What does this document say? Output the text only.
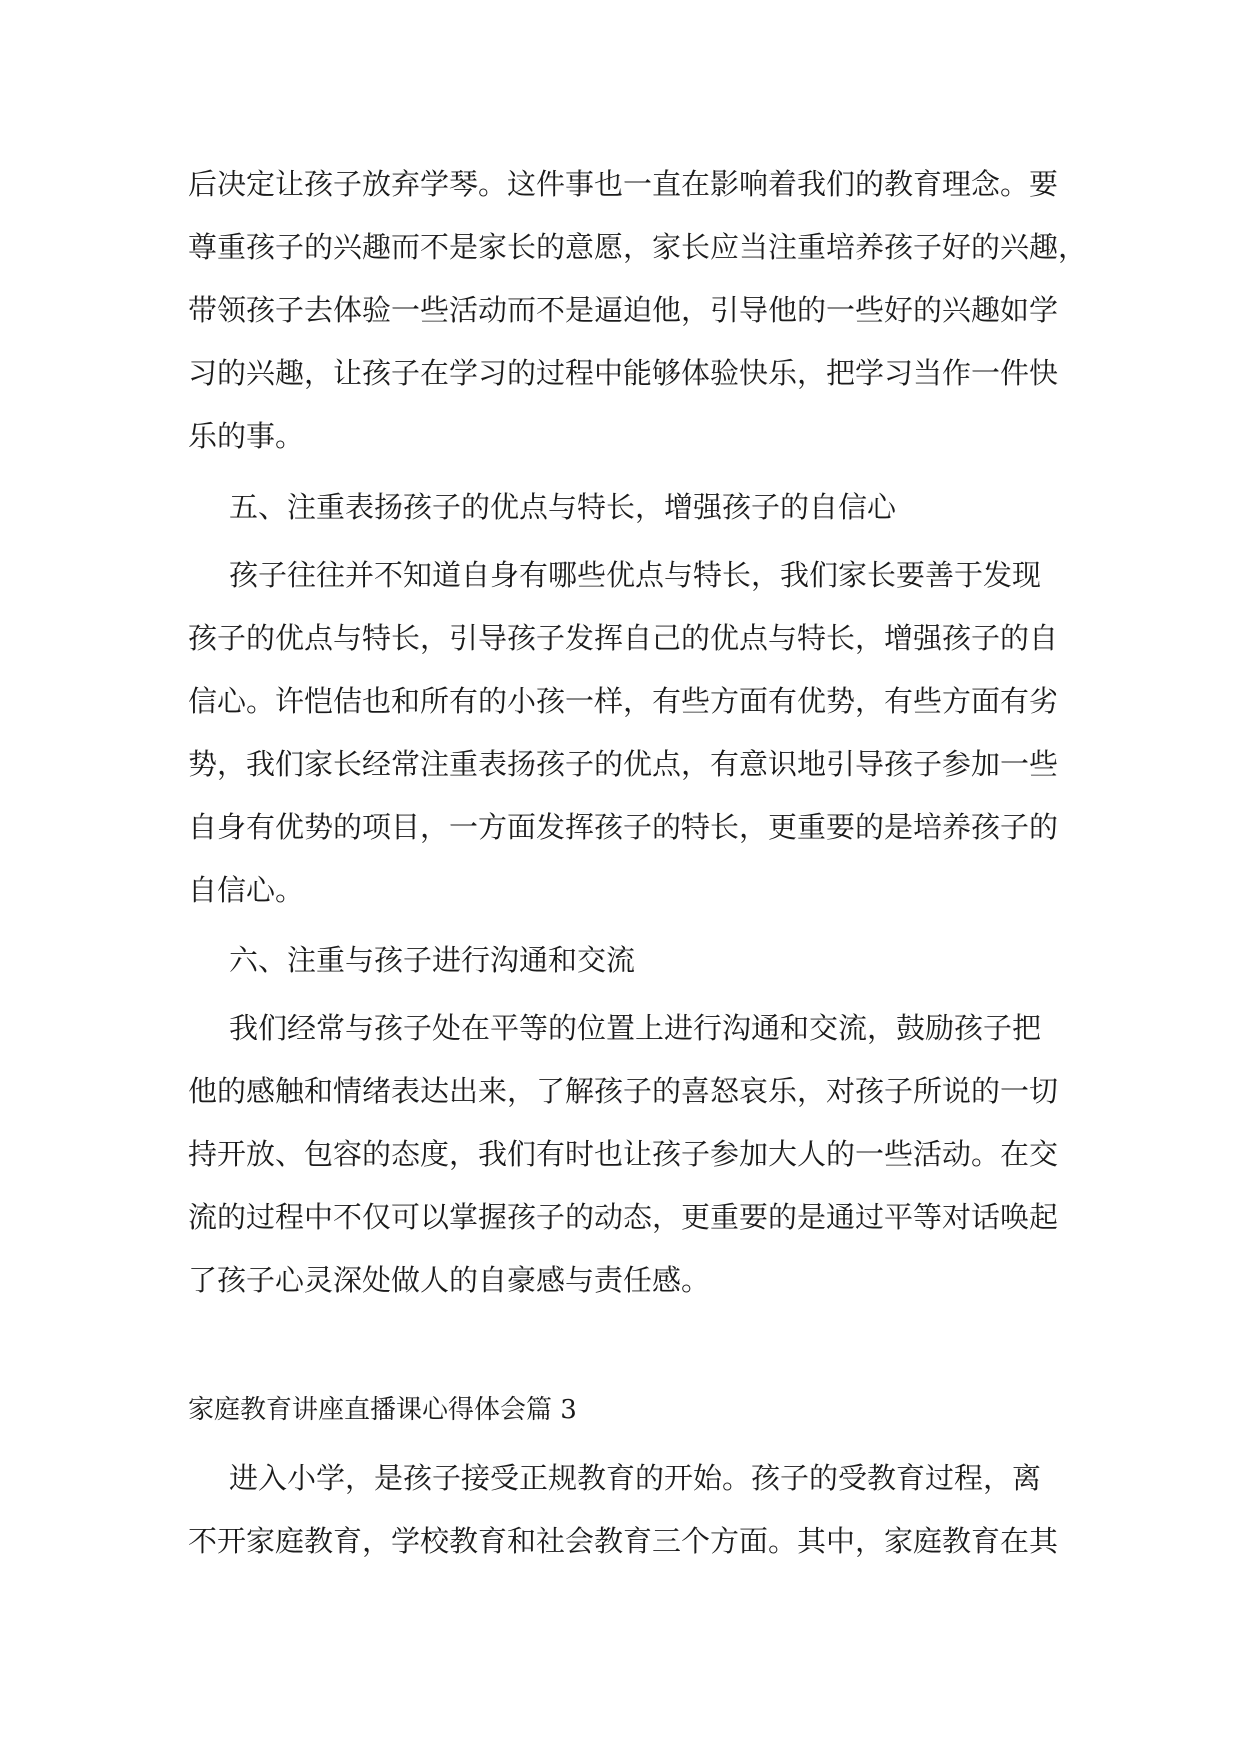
后决定让孩子放弃学琴。这件事也一直在影响着我们的教育理念。要
尊重孩子的兴趣而不是家长的意愿，家长应当注重培养孩子好的兴趣，
带领孩子去体验一些活动而不是逼迫他，引导他的一些好的兴趣如学
习的兴趣，让孩子在学习的过程中能够体验快乐，把学习当作一件快
乐的事。
五、注重表扬孩子的优点与特长，增强孩子的自信心
孩子往往并不知道自身有哪些优点与特长，我们家长要善于发现
孩子的优点与特长，引导孩子发挥自己的优点与特长，增强孩子的自
信心。许恺佶也和所有的小孩一样，有些方面有优势，有些方面有劣
势，我们家长经常注重表扬孩子的优点，有意识地引导孩子参加一些
自身有优势的项目，一方面发挥孩子的特长，更重要的是培养孩子的
自信心。
六、注重与孩子进行沟通和交流
我们经常与孩子处在平等的位置上进行沟通和交流，鼓励孩子把
他的感触和情绪表达出来，了解孩子的喜怒哀乐，对孩子所说的一切
持开放、包容的态度，我们有时也让孩子参加大人的一些活动。在交
流的过程中不仅可以掌握孩子的动态，更重要的是通过平等对话唤起
了孩子心灵深处做人的自豪感与责任感。
家庭教育讲座直播课心得体会篇 3
进入小学，是孩子接受正规教育的开始。孩子的受教育过程，离
不开家庭教育，学校教育和社会教育三个方面。其中，家庭教育在其
